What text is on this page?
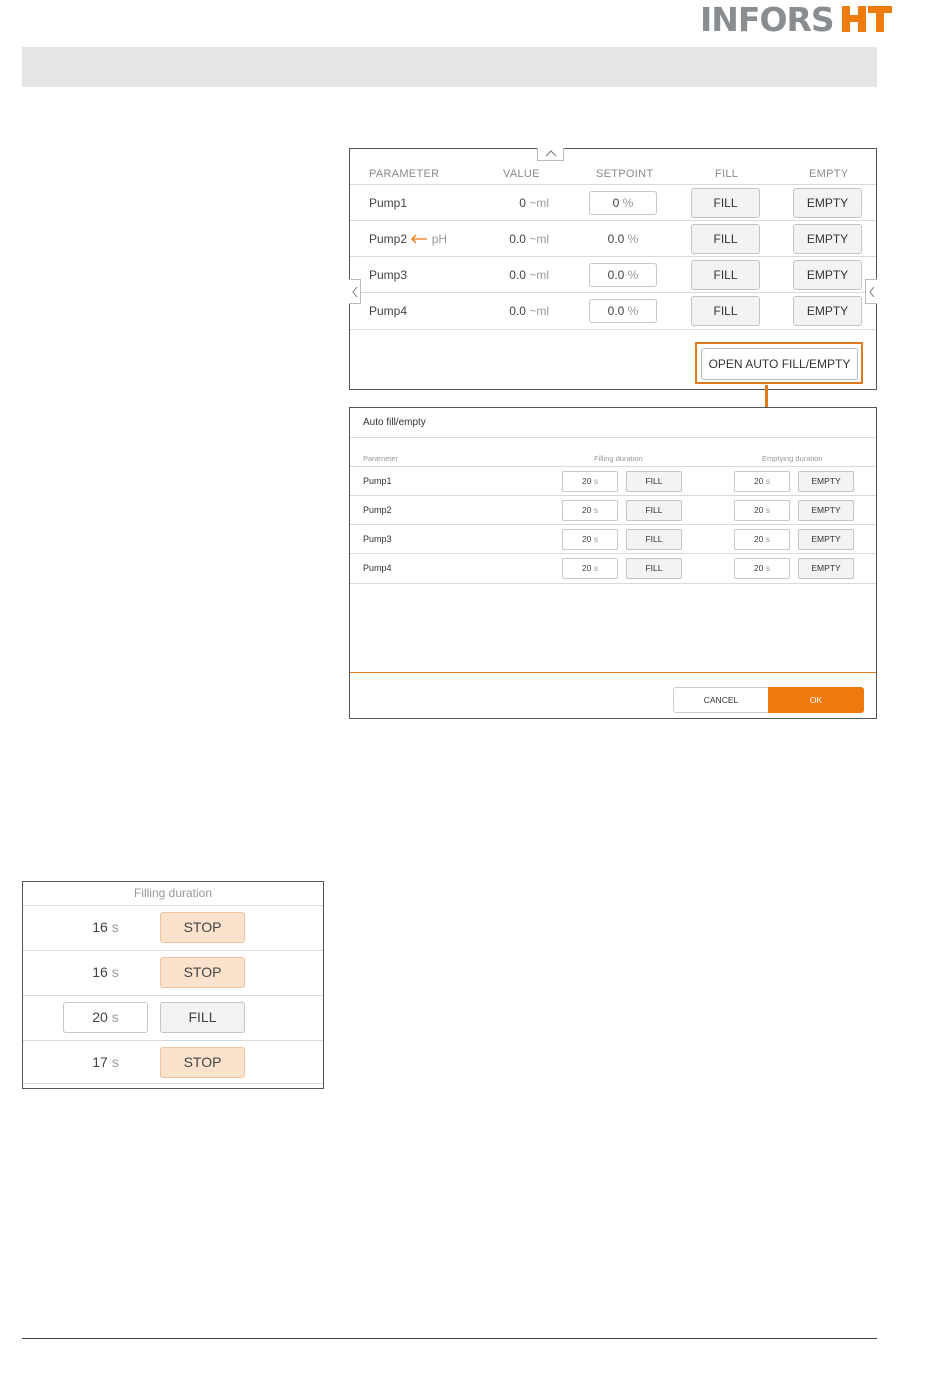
INFORS
PARAMETER	VALUE	SETPOINT	FILL	EMPTY
Pump1	0 ~ml	0 %	FILL	EMPTY
Pump2 pH	0.0 ~ml	0.0 %	FILL	EMPTY
Pump3	0.0 ~ml	0.0 %	FILL	EMPTY
Pump4	0.0 ~ml	0.0 %	FILL	EMPTY
OPEN AUTO FILL/EMPTY
Auto fill/empty
Parameter	Filling duration	Emptying duration
Pump1	20 s	FILL	20 s	EMPTY
Pump2	20 s	FILL	20 s	EMPTY
Pump3	20 s	FILL	20 s	EMPTY
Pump4	20 s	FILL	20 s	EMPTY
CANCEL	OK
Filling duration
16 s	STOP
16 s	STOP
20 s	FILL
17 s	STOP
